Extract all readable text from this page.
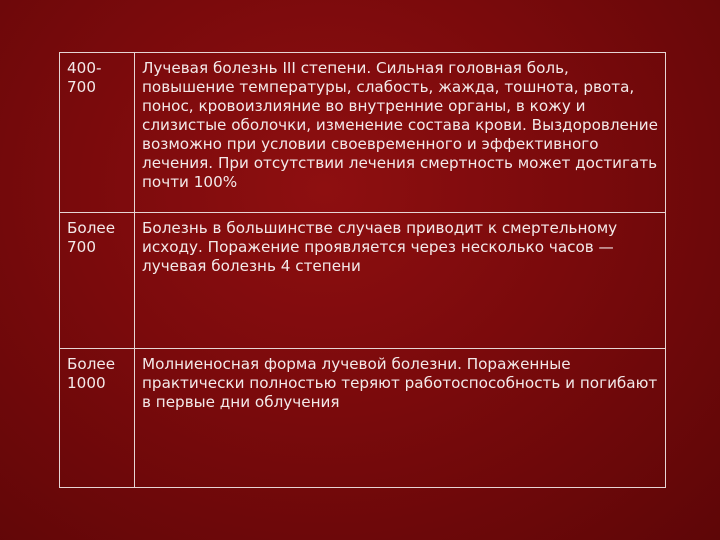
400-
700	Лучевая болезнь III степени. Сильная головная боль, повышение температуры, слабость, жажда, тошнота, рвота, понос, кровоизлияние во внутренние органы, в кожу и слизистые оболочки, изменение состава крови. Выздоровление возможно при условии своевременного и эффективного лечения. При отсутствии лечения смертность может достигать почти 100%
Более
700	Болезнь в большинстве случаев приводит к смертельному исходу. Поражение проявляется через несколько часов — лучевая болезнь 4 степени
Более
1000	Молниеносная форма лучевой болезни. Пораженные практически полностью теряют работоспособность и погибают в первые дни облучения
